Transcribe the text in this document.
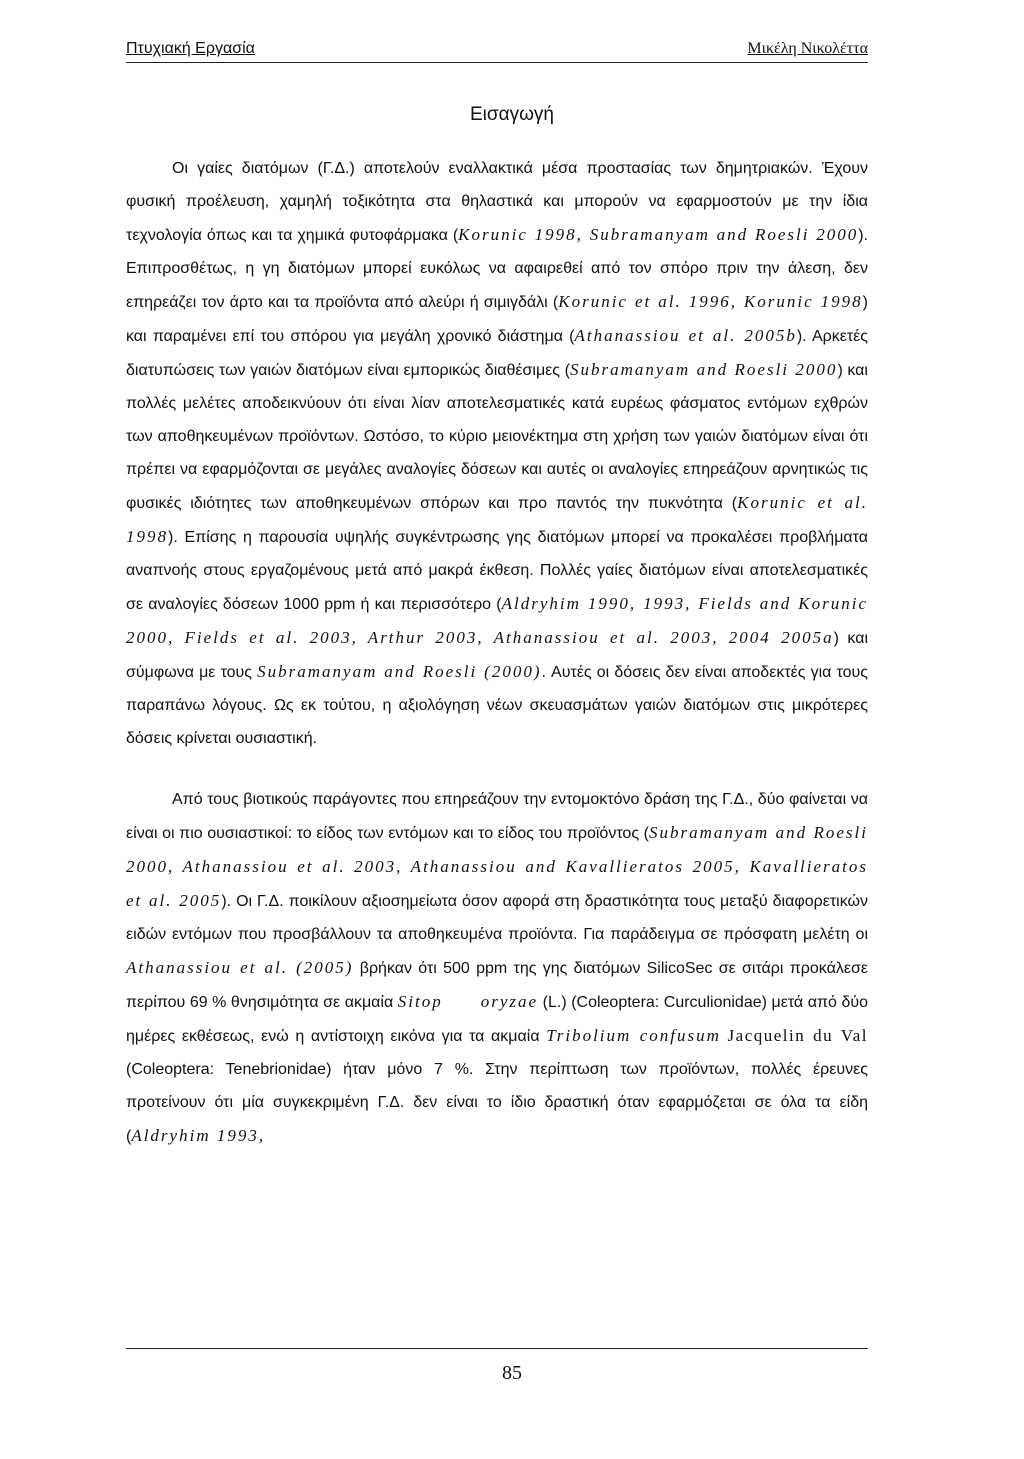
Πτυχιακή Εργασία	Μικέλη Νικολέττα
Εισαγωγή

Οι γαίες διατόμων (Γ.Δ.) αποτελούν εναλλακτικά μέσα προστασίας των δημητριακών. Έχουν φυσική προέλευση, χαμηλή τοξικότητα στα θηλαστικά και μπορούν να εφαρμοστούν με την ίδια τεχνολογία όπως και τα χημικά φυτοφάρμακα (Korunic 1998, Subramanyam and Roesli 2000). Επιπροσθέτως, η γη διατόμων μπορεί ευκόλως να αφαιρεθεί από τον σπόρο πριν την άλεση, δεν επηρεάζει τον άρτο και τα προϊόντα από αλεύρι ή σιμιγδάλι (Korunic et al. 1996, Korunic 1998) και παραμένει επί του σπόρου για μεγάλη χρονικό διάστημα (Athanassiou et al. 2005b). Αρκετές διατυπώσεις των γαιών διατόμων είναι εμπορικώς διαθέσιμες (Subramanyam and Roesli 2000) και πολλές μελέτες αποδεικνύουν ότι είναι λίαν αποτελεσματικές κατά ευρέως φάσματος εντόμων εχθρών των αποθηκευμένων προϊόντων. Ωστόσο, το κύριο μειονέκτημα στη χρήση των γαιών διατόμων είναι ότι πρέπει να εφαρμόζονται σε μεγάλες αναλογίες δόσεων και αυτές οι αναλογίες επηρεάζουν αρνητικώς τις φυσικές ιδιότητες των αποθηκευμένων σπόρων και προ παντός την πυκνότητα (Korunic et al. 1998). Επίσης η παρουσία υψηλής συγκέντρωσης γης διατόμων μπορεί να προκαλέσει προβλήματα αναπνοής στους εργαζομένους μετά από μακρά έκθεση. Πολλές γαίες διατόμων είναι αποτελεσματικές σε αναλογίες δόσεων 1000 ppm ή και περισσότερο (Aldryhim 1990, 1993, Fields and Korunic 2000, Fields et al. 2003, Arthur 2003, Athanassiou et al. 2003, 2004 2005a) και σύμφωνα με τους Subramanyam and Roesli (2000). Αυτές οι δόσεις δεν είναι αποδεκτές για τους παραπάνω λόγους. Ως εκ τούτου, η αξιολόγηση νέων σκευασμάτων γαιών διατόμων στις μικρότερες δόσεις κρίνεται ουσιαστική.

Από τους βιοτικούς παράγοντες που επηρεάζουν την εντομοκτόνο δράση της Γ.Δ., δύο φαίνεται να είναι οι πιο ουσιαστικοί: το είδος των εντόμων και το είδος του προϊόντος (Subramanyam and Roesli 2000, Athanassiou et al. 2003, Athanassiou and Kavallieratos 2005, Kavallieratos et al. 2005). Οι Γ.Δ. ποικίλουν αξιοσημείωτα όσον αφορά στη δραστικότητα τους μεταξύ διαφορετικών ειδών εντόμων που προσβάλλουν τα αποθηκευμένα προϊόντα. Για παράδειγμα σε πρόσφατη μελέτη οι Athanassiou et al. (2005) βρήκαν ότι 500 ppm της γης διατόμων SilicoSec σε σιτάρι προκάλεσε περίπου 69 % θνησιμότητα σε ακμαία Sitop      oryzae (L.) (Coleoptera: Curculionidae) μετά από δύο ημέρες εκθέσεως, ενώ η αντίστοιχη εικόνα για τα ακμαία Tribolium confusum Jacquelin du Val (Coleoptera: Tenebrionidae) ήταν μόνο 7 %. Στην περίπτωση των προϊόντων, πολλές έρευνες προτείνουν ότι μία συγκεκριμένη Γ.Δ. δεν είναι το ίδιο δραστική όταν εφαρμόζεται σε όλα τα είδη (Aldryhim 1993,

85
